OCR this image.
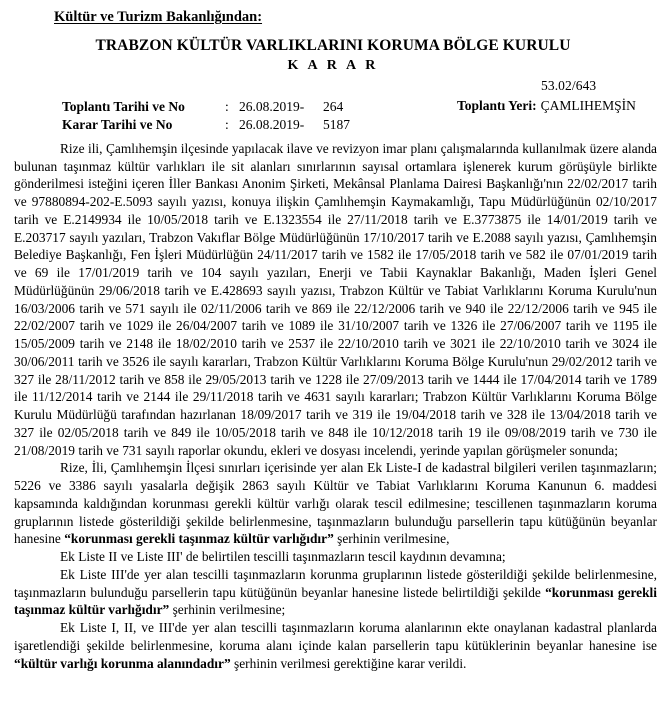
Kültür ve Turizm Bakanlığından:
TRABZON KÜLTÜR VARLIKLARINI KORUMA BÖLGE KURULU
K A R A R
53.02/643
Toplantı Yeri: ÇAMLIHEMŞİN
Toplantı Tarihi ve No	: 26.08.2019- 264
Karar Tarihi ve No	: 26.08.2019- 5187

Rize ili, Çamlıhemşin ilçesinde yapılacak ilave ve revizyon imar planı çalışmalarında kullanılmak üzere alanda bulunan taşınmaz kültür varlıkları ile sit alanları sınırlarının sayısal ortamlara işlenerek kurum görüşüyle birlikte gönderilmesi isteğini içeren İller Bankası Anonim Şirketi, Mekânsal Planlama Dairesi Başkanlığı'nın 22/02/2017 tarih ve 97880894-202-E.5093 sayılı yazısı, konuya ilişkin Çamlıhemşin Kaymakamlığı, Tapu Müdürlüğünün 02/10/2017 tarih ve E.2149934 ile 10/05/2018 tarih ve E.1323554 ile 27/11/2018 tarih ve E.3773875 ile 14/01/2019 tarih ve E.203717 sayılı yazıları, Trabzon Vakıflar Bölge Müdürlüğünün 17/10/2017 tarih ve E.2088 sayılı yazısı, Çamlıhemşin Belediye Başkanlığı, Fen İşleri Müdürlüğün 24/11/2017 tarih ve 1582 ile 17/05/2018 tarih ve 582 ile 07/01/2019 tarih ve 69 ile 17/01/2019 tarih ve 104 sayılı yazıları, Enerji ve Tabii Kaynaklar Bakanlığı, Maden İşleri Genel Müdürlüğünün 29/06/2018 tarih ve E.428693 sayılı yazısı, Trabzon Kültür ve Tabiat Varlıklarını Koruma Kurulu'nun 16/03/2006 tarih ve 571 sayılı ile 02/11/2006 tarih ve 869 ile 22/12/2006 tarih ve 940 ile 22/12/2006 tarih ve 945 ile 22/02/2007 tarih ve 1029 ile 26/04/2007 tarih ve 1089 ile 31/10/2007 tarih ve 1326 ile 27/06/2007 tarih ve 1195 ile 15/05/2009 tarih ve 2148 ile 18/02/2010 tarih ve 2537 ile 22/10/2010 tarih ve 3021 ile 22/10/2010 tarih ve 3024 ile 30/06/2011 tarih ve 3526 ile sayılı kararları, Trabzon Kültür Varlıklarını Koruma Bölge Kurulu'nun 29/02/2012 tarih ve 327 ile 28/11/2012 tarih ve 858 ile 29/05/2013 tarih ve 1228 ile 27/09/2013 tarih ve 1444 ile 17/04/2014 tarih ve 1789 ile 11/12/2014 tarih ve 2144 ile 29/11/2018 tarih ve 4631 sayılı kararları; Trabzon Kültür Varlıklarını Koruma Bölge Kurulu Müdürlüğü tarafından hazırlanan 18/09/2017 tarih ve 319 ile 19/04/2018 tarih ve 328 ile 13/04/2018 tarih ve 327 ile 02/05/2018 tarih ve 849 ile 10/05/2018 tarih ve 848 ile 10/12/2018 tarih 19 ile 09/08/2019 tarih ve 730 ile 21/08/2019 tarih ve 731 sayılı raporlar okundu, ekleri ve dosyası incelendi, yerinde yapılan görüşmeler sonunda;

Rize, İli, Çamlıhemşin İlçesi sınırları içerisinde yer alan Ek Liste-I de kadastral bilgileri verilen taşınmazların; 5226 ve 3386 sayılı yasalarla değişik 2863 sayılı Kültür ve Tabiat Varlıklarını Koruma Kanunun 6. maddesi kapsamında kaldığından korunması gerekli kültür varlığı olarak tescil edilmesine; tescillenen taşınmazların koruma gruplarının listede gösterildiği şekilde belirlenmesine, taşınmazların bulunduğu parsellerin tapu kütüğünün beyanlar hanesine “korunması gerekli taşınmaz kültür varlığıdır” şerhinin verilmesine,

Ek Liste II ve Liste III' de belirtilen tescilli taşınmazların tescil kaydının devamına;

Ek Liste III'de yer alan tescilli taşınmazların korunma gruplarının listede gösterildiği şekilde belirlenmesine, taşınmazların bulunduğu parsellerin tapu kütüğünün beyanlar hanesine listede belirtildiği şekilde “korunması gerekli taşınmaz kültür varlığıdır” şerhinin verilmesine;

Ek Liste I, II, ve III'de yer alan tescilli taşınmazların koruma alanlarının ekte onaylanan kadastral planlarda işaretlendiği şekilde belirlenmesine, koruma alanı içinde kalan parsellerin tapu kütüklerinin beyanlar hanesine ise “kültür varlığı korunma alanındadır” şerhinin verilmesi gerektiğine karar verildi.
